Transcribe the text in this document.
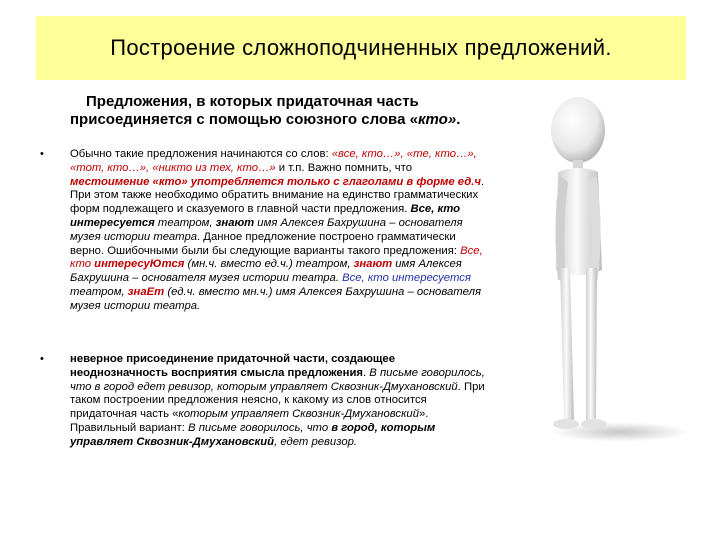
Построение сложноподчиненных предложений.
Предложения, в которых придаточная часть присоединяется с помощью союзного слова «кто».
• Обычно такие предложения начинаются со слов: «все, кто…», «те, кто…», «тот, кто…», «никто из тех, кто…» и т.п. Важно помнить, что местоимение «кто» употребляется только с глаголами в форме ед.ч. При этом также необходимо обратить внимание на единство грамматических форм подлежащего и сказуемого в главной части предложения. Все, кто интересуется театром, знают имя Алексея Бахрушина – основателя музея истории театра. Данное предложение построено грамматически верно. Ошибочными были бы следующие варианты такого предложения: Все, кто интересуЮтся (мн.ч. вместо ед.ч.) театром, знают имя Алексея Бахрушина – основателя музея истории театра. Все, кто интересуется театром, знаЕт (ед.ч. вместо мн.ч.) имя Алексея Бахрушина – основателя музея истории театра.
• неверное присоединение придаточной части, создающее неоднозначность восприятия смысла предложения. В письме говорилось, что в город едет ревизор, которым управляет Сквозник-Дмухановский. При таком построении предложения неясно, к какому из слов относится придаточная часть «которым управляет Сквозник-Дмухановский». Правильный вариант: В письме говорилось, что в город, которым управляет Сквозник-Дмухановский, едет ревизор.
